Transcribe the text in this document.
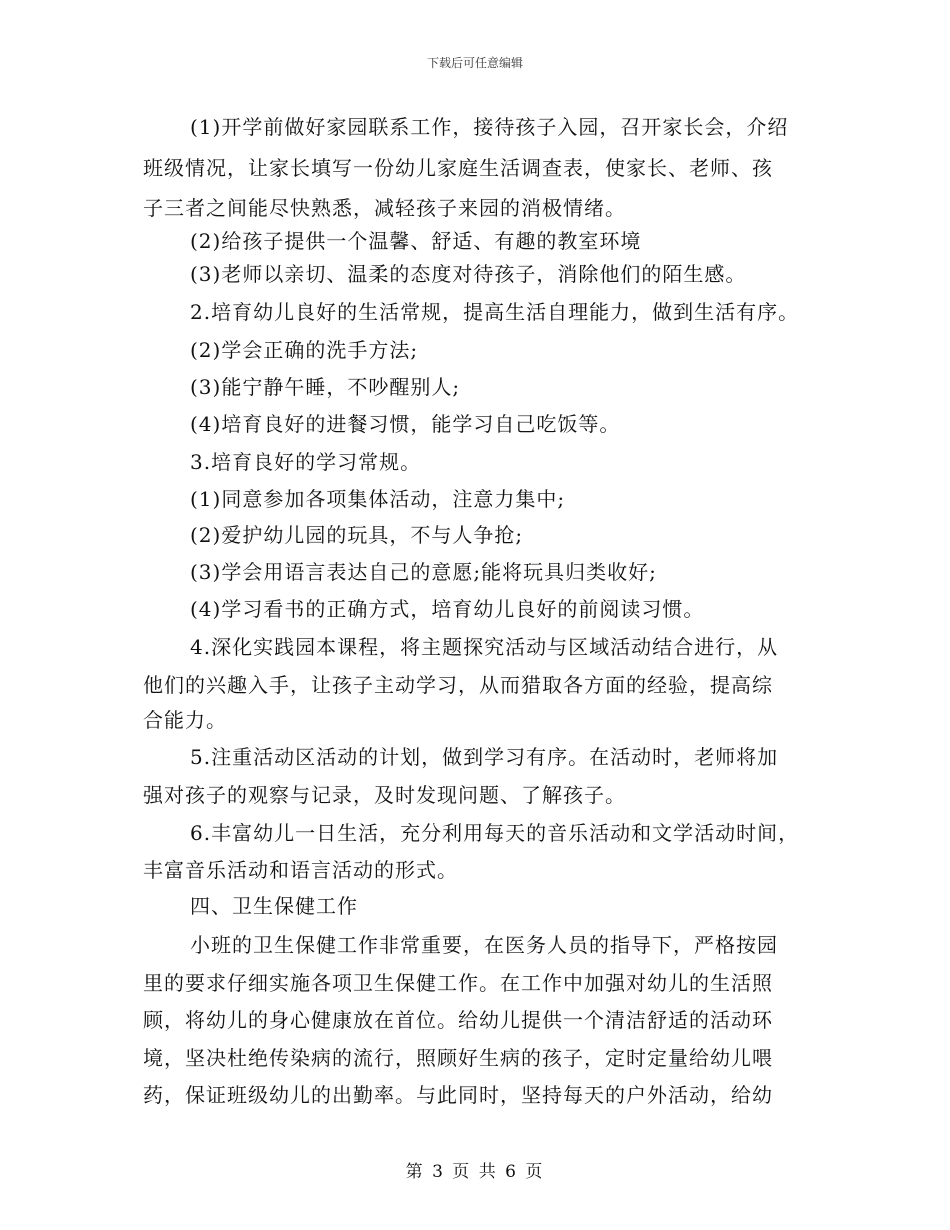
下载后可任意编辑
(1)开学前做好家园联系工作，接待孩子入园，召开家长会，介绍
班级情况，让家长填写一份幼儿家庭生活调查表，使家长、老师、孩
子三者之间能尽快熟悉，减轻孩子来园的消极情绪。
(2)给孩子提供一个温馨、舒适、有趣的教室环境
(3)老师以亲切、温柔的态度对待孩子，消除他们的陌生感。
2.培育幼儿良好的生活常规，提高生活自理能力，做到生活有序。
(2)学会正确的洗手方法;
(3)能宁静午睡，不吵醒别人;
(4)培育良好的进餐习惯，能学习自己吃饭等。
3.培育良好的学习常规。
(1)同意参加各项集体活动，注意力集中;
(2)爱护幼儿园的玩具，不与人争抢;
(3)学会用语言表达自己的意愿;能将玩具归类收好;
(4)学习看书的正确方式，培育幼儿良好的前阅读习惯。
4.深化实践园本课程，将主题探究活动与区域活动结合进行，从
他们的兴趣入手，让孩子主动学习，从而猎取各方面的经验，提高综
合能力。
5.注重活动区活动的计划，做到学习有序。在活动时，老师将加
强对孩子的观察与记录，及时发现问题、了解孩子。
6.丰富幼儿一日生活，充分利用每天的音乐活动和文学活动时间，
丰富音乐活动和语言活动的形式。
四、卫生保健工作
小班的卫生保健工作非常重要，在医务人员的指导下，严格按园
里的要求仔细实施各项卫生保健工作。在工作中加强对幼儿的生活照
顾，将幼儿的身心健康放在首位。给幼儿提供一个清洁舒适的活动环
境，坚决杜绝传染病的流行，照顾好生病的孩子，定时定量给幼儿喂
药，保证班级幼儿的出勤率。与此同时，坚持每天的户外活动，给幼
第 3 页 共 6 页
